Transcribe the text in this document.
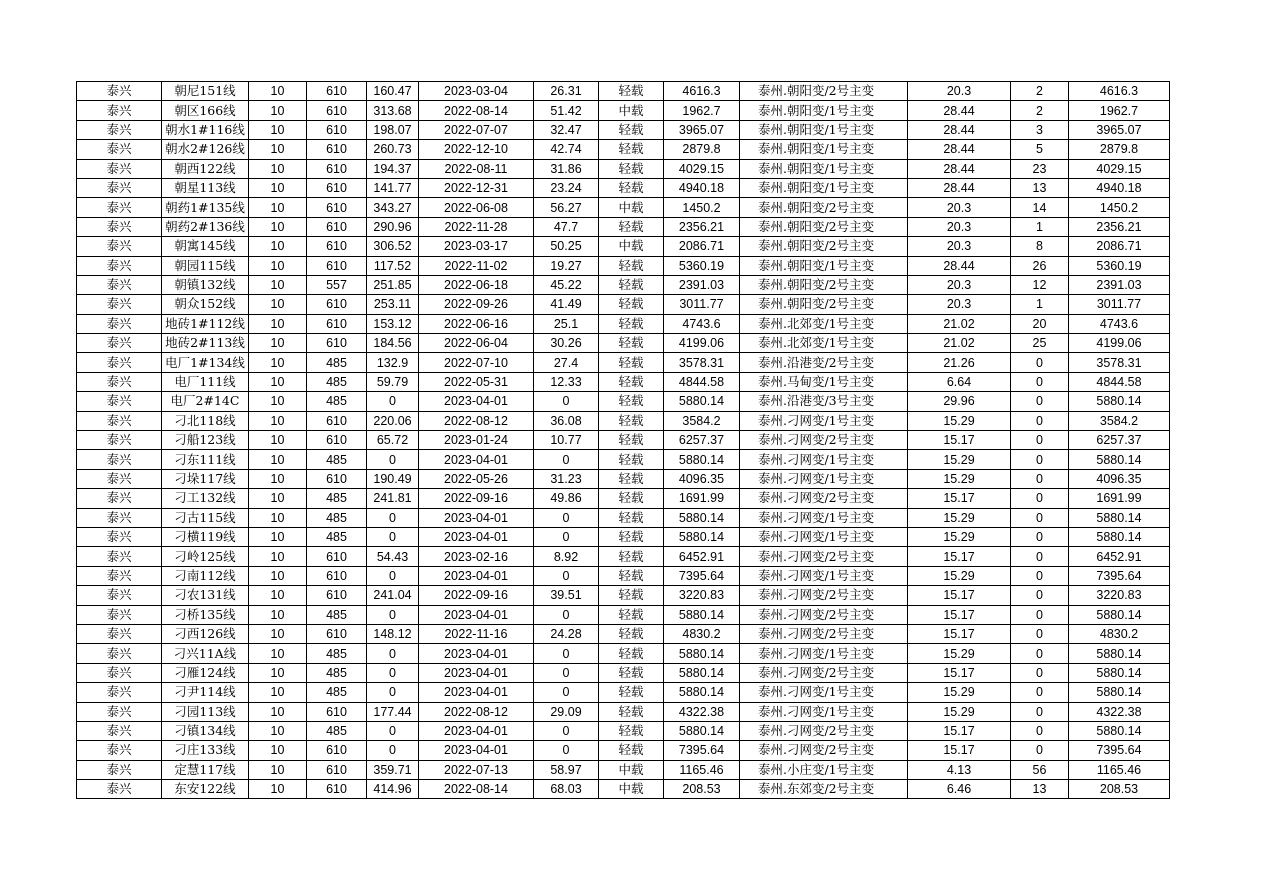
泰兴	朝尼151线	10	610	160.47	2023-03-04	26.31	轻载	4616.3	泰州.朝阳变/2号主变	20.3	2	4616.3
泰兴	朝区166线	10	610	313.68	2022-08-14	51.42	中载	1962.7	泰州.朝阳变/1号主变	28.44	2	1962.7
泰兴	朝水1#116线	10	610	198.07	2022-07-07	32.47	轻载	3965.07	泰州.朝阳变/1号主变	28.44	3	3965.07
泰兴	朝水2#126线	10	610	260.73	2022-12-10	42.74	轻载	2879.8	泰州.朝阳变/1号主变	28.44	5	2879.8
泰兴	朝西122线	10	610	194.37	2022-08-11	31.86	轻载	4029.15	泰州.朝阳变/1号主变	28.44	23	4029.15
泰兴	朝星113线	10	610	141.77	2022-12-31	23.24	轻载	4940.18	泰州.朝阳变/1号主变	28.44	13	4940.18
泰兴	朝药1#135线	10	610	343.27	2022-06-08	56.27	中载	1450.2	泰州.朝阳变/2号主变	20.3	14	1450.2
泰兴	朝药2#136线	10	610	290.96	2022-11-28	47.7	轻载	2356.21	泰州.朝阳变/2号主变	20.3	1	2356.21
泰兴	朝寓145线	10	610	306.52	2023-03-17	50.25	中载	2086.71	泰州.朝阳变/2号主变	20.3	8	2086.71
泰兴	朝园115线	10	610	117.52	2022-11-02	19.27	轻载	5360.19	泰州.朝阳变/1号主变	28.44	26	5360.19
泰兴	朝镇132线	10	557	251.85	2022-06-18	45.22	轻载	2391.03	泰州.朝阳变/2号主变	20.3	12	2391.03
泰兴	朝众152线	10	610	253.11	2022-09-26	41.49	轻载	3011.77	泰州.朝阳变/2号主变	20.3	1	3011.77
泰兴	地砖1#112线	10	610	153.12	2022-06-16	25.1	轻载	4743.6	泰州.北郊变/1号主变	21.02	20	4743.6
泰兴	地砖2#113线	10	610	184.56	2022-06-04	30.26	轻载	4199.06	泰州.北郊变/1号主变	21.02	25	4199.06
泰兴	电厂1#134线	10	485	132.9	2022-07-10	27.4	轻载	3578.31	泰州.沿港变/2号主变	21.26	0	3578.31
泰兴	电厂111线	10	485	59.79	2022-05-31	12.33	轻载	4844.58	泰州.马甸变/1号主变	6.64	0	4844.58
泰兴	电厂2#14C	10	485	0	2023-04-01	0	轻载	5880.14	泰州.沿港变/3号主变	29.96	0	5880.14
泰兴	刁北118线	10	610	220.06	2022-08-12	36.08	轻载	3584.2	泰州.刁网变/1号主变	15.29	0	3584.2
泰兴	刁船123线	10	610	65.72	2023-01-24	10.77	轻载	6257.37	泰州.刁网变/2号主变	15.17	0	6257.37
泰兴	刁东111线	10	485	0	2023-04-01	0	轻载	5880.14	泰州.刁网变/1号主变	15.29	0	5880.14
泰兴	刁垛117线	10	610	190.49	2022-05-26	31.23	轻载	4096.35	泰州.刁网变/1号主变	15.29	0	4096.35
泰兴	刁工132线	10	485	241.81	2022-09-16	49.86	轻载	1691.99	泰州.刁网变/2号主变	15.17	0	1691.99
泰兴	刁古115线	10	485	0	2023-04-01	0	轻载	5880.14	泰州.刁网变/1号主变	15.29	0	5880.14
泰兴	刁横119线	10	485	0	2023-04-01	0	轻载	5880.14	泰州.刁网变/1号主变	15.29	0	5880.14
泰兴	刁岭125线	10	610	54.43	2023-02-16	8.92	轻载	6452.91	泰州.刁网变/2号主变	15.17	0	6452.91
泰兴	刁南112线	10	610	0	2023-04-01	0	轻载	7395.64	泰州.刁网变/1号主变	15.29	0	7395.64
泰兴	刁农131线	10	610	241.04	2022-09-16	39.51	轻载	3220.83	泰州.刁网变/2号主变	15.17	0	3220.83
泰兴	刁桥135线	10	485	0	2023-04-01	0	轻载	5880.14	泰州.刁网变/2号主变	15.17	0	5880.14
泰兴	刁西126线	10	610	148.12	2022-11-16	24.28	轻载	4830.2	泰州.刁网变/2号主变	15.17	0	4830.2
泰兴	刁兴11A线	10	485	0	2023-04-01	0	轻载	5880.14	泰州.刁网变/1号主变	15.29	0	5880.14
泰兴	刁雁124线	10	485	0	2023-04-01	0	轻载	5880.14	泰州.刁网变/2号主变	15.17	0	5880.14
泰兴	刁尹114线	10	485	0	2023-04-01	0	轻载	5880.14	泰州.刁网变/1号主变	15.29	0	5880.14
泰兴	刁园113线	10	610	177.44	2022-08-12	29.09	轻载	4322.38	泰州.刁网变/1号主变	15.29	0	4322.38
泰兴	刁镇134线	10	485	0	2023-04-01	0	轻载	5880.14	泰州.刁网变/2号主变	15.17	0	5880.14
泰兴	刁庄133线	10	610	0	2023-04-01	0	轻载	7395.64	泰州.刁网变/2号主变	15.17	0	7395.64
泰兴	定慧117线	10	610	359.71	2022-07-13	58.97	中载	1165.46	泰州.小庄变/1号主变	4.13	56	1165.46
泰兴	东安122线	10	610	414.96	2022-08-14	68.03	中载	208.53	泰州.东郊变/2号主变	6.46	13	208.53
